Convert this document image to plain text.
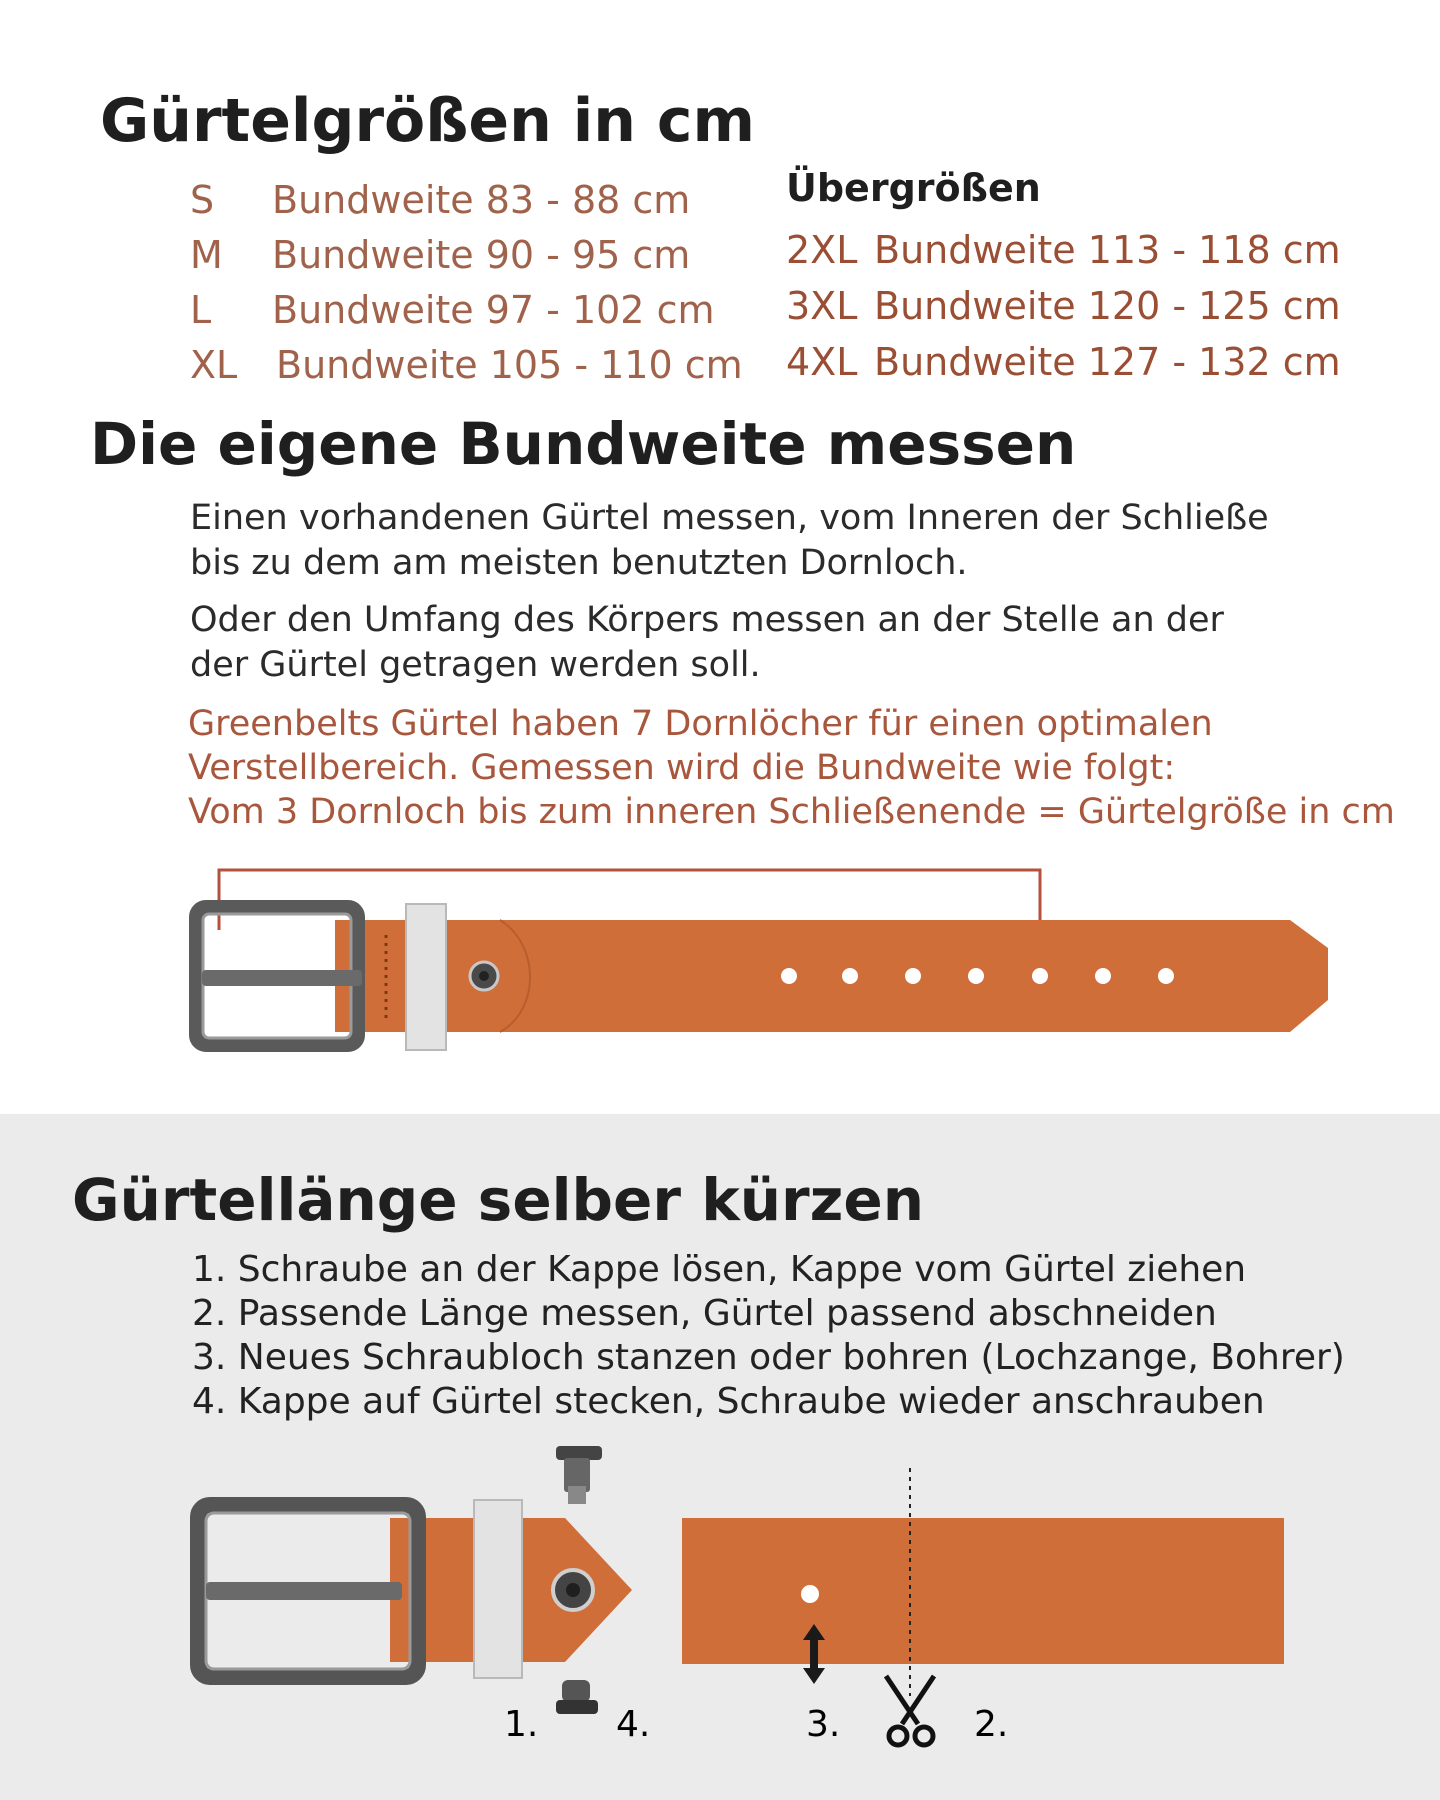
Gürtelgrößen in cm
S Bundweite 83 - 88 cm
M Bundweite 90 - 95 cm
L Bundweite 97 - 102 cm
XL Bundweite 105 - 110 cm
Übergrößen
2XL Bundweite 113 - 118 cm
3XL Bundweite 120 - 125 cm
4XL Bundweite 127 - 132 cm
Die eigene Bundweite messen
Einen vorhandenen Gürtel messen, vom Inneren der Schließe
bis zu dem am meisten benutzten Dornloch.
Oder den Umfang des Körpers messen an der Stelle an der
der Gürtel getragen werden soll.
Greenbelts Gürtel haben 7 Dornlöcher für einen optimalen
Verstellbereich. Gemessen wird die Bundweite wie folgt:
Vom 3 Dornloch bis zum inneren Schließenende = Gürtelgröße in cm
Gürtellänge selber kürzen
1. Schraube an der Kappe lösen, Kappe vom Gürtel ziehen
2. Passende Länge messen, Gürtel passend abschneiden
3. Neues Schraubloch stanzen oder bohren (Lochzange, Bohrer)
4. Kappe auf Gürtel stecken, Schraube wieder anschrauben
1. 4.	3.	2.
